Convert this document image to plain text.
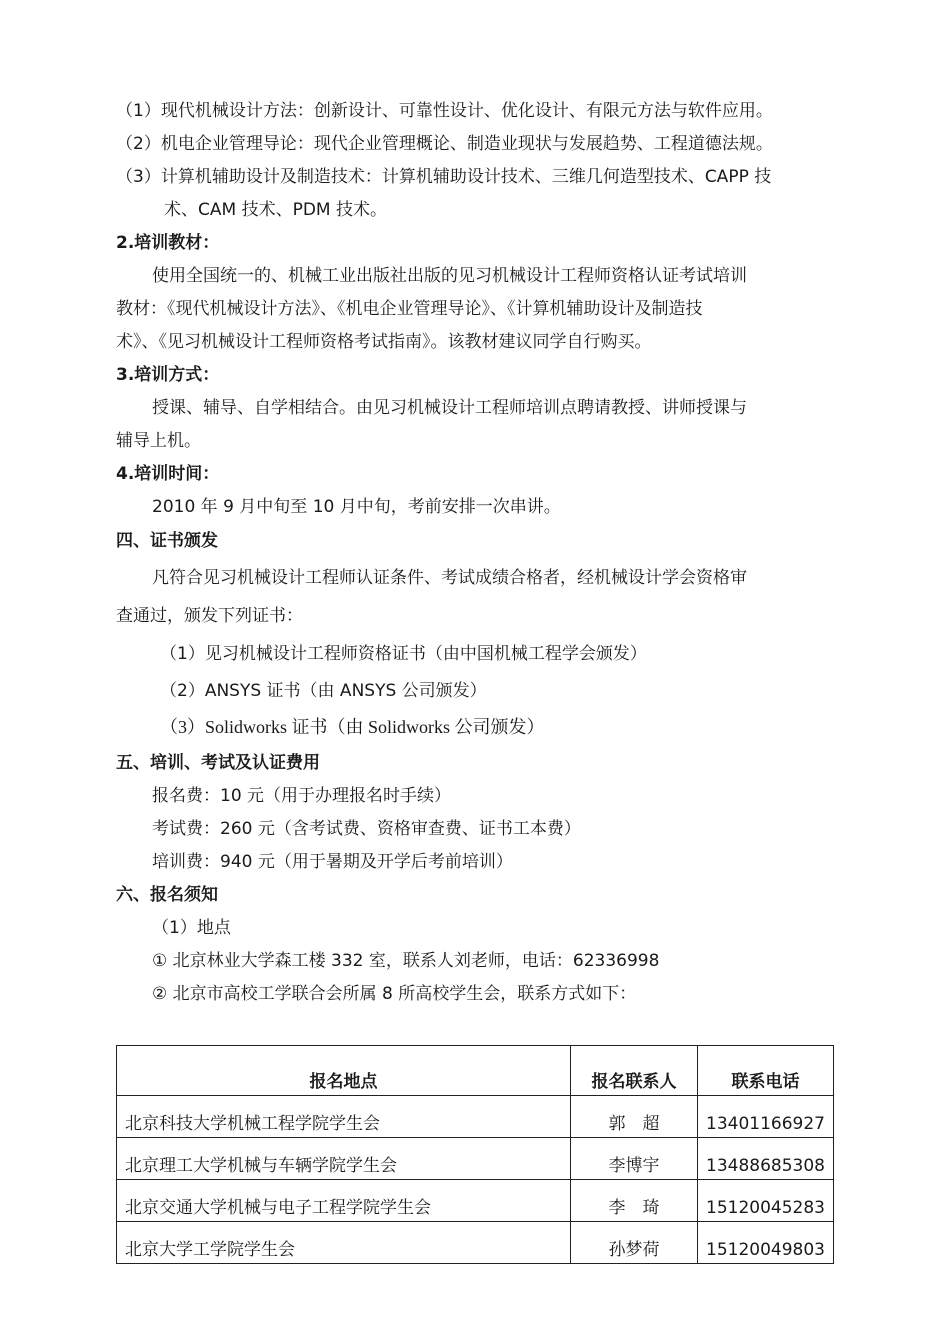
（1）现代机械设计方法：创新设计、可靠性设计、优化设计、有限元方法与软件应用。
（2）机电企业管理导论：现代企业管理概论、制造业现状与发展趋势、工程道德法规。
（3）计算机辅助设计及制造技术：计算机辅助设计技术、三维几何造型技术、CAPP 技
术、CAM 技术、PDM 技术。
2.培训教材：
使用全国统一的、机械工业出版社出版的见习机械设计工程师资格认证考试培训
教材：《现代机械设计方法》、《机电企业管理导论》、《计算机辅助设计及制造技
术》、《见习机械设计工程师资格考试指南》。该教材建议同学自行购买。
3.培训方式：
授课、辅导、自学相结合。由见习机械设计工程师培训点聘请教授、讲师授课与
辅导上机。
4.培训时间：
2010 年 9 月中旬至 10 月中旬，考前安排一次串讲。
四、证书颁发
凡符合见习机械设计工程师认证条件、考试成绩合格者，经机械设计学会资格审
查通过，颁发下列证书：
（1）见习机械设计工程师资格证书（由中国机械工程学会颁发）
（2）ANSYS 证书（由 ANSYS 公司颁发）
（3）Solidworks 证书（由 Solidworks 公司颁发）
五、培训、考试及认证费用
报名费：10 元（用于办理报名时手续）
考试费：260 元（含考试费、资格审查费、证书工本费）
培训费：940 元（用于暑期及开学后考前培训）
六、报名须知
（1）地点
① 北京林业大学森工楼 332 室，联系人刘老师，电话：62336998
② 北京市高校工学联合会所属 8 所高校学生会，联系方式如下：
报名地点	报名联系人	联系电话
北京科技大学机械工程学院学生会	郭　超	13401166927
北京理工大学机械与车辆学院学生会	李博宇	13488685308
北京交通大学机械与电子工程学院学生会	李　琦	15120045283
北京大学工学院学生会	孙梦荷	15120049803
